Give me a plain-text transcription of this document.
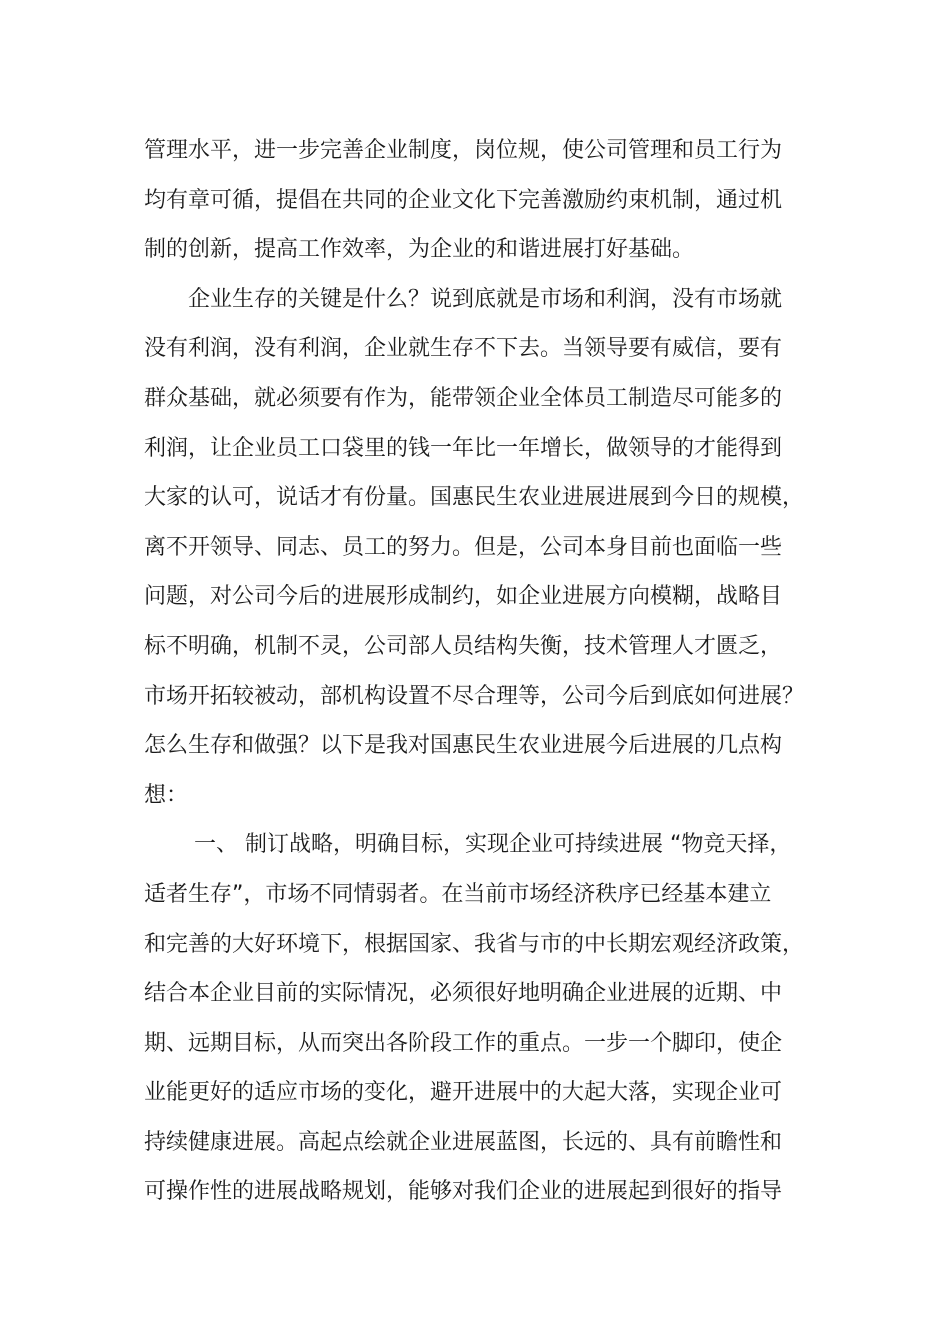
管理水平，进一步完善企业制度，岗位规，使公司管理和员工行为
均有章可循，提倡在共同的企业文化下完善激励约束机制，通过机
制的创新，提高工作效率，为企业的和谐进展打好基础。
企业生存的关键是什么？说到底就是市场和利润，没有市场就
没有利润，没有利润，企业就生存不下去。当领导要有威信，要有
群众基础，就必须要有作为，能带领企业全体员工制造尽可能多的
利润，让企业员工口袋里的钱一年比一年增长，做领导的才能得到
大家的认可，说话才有份量。国惠民生农业进展进展到今日的规模，
离不开领导、同志、员工的努力。但是，公司本身目前也面临一些
问题，对公司今后的进展形成制约，如企业进展方向模糊，战略目
标不明确，机制不灵，公司部人员结构失衡，技术管理人才匮乏，
市场开拓较被动，部机构设置不尽合理等，公司今后到底如何进展？
怎么生存和做强？以下是我对国惠民生农业进展今后进展的几点构
想：
一、 制订战略，明确目标，实现企业可持续进展 “物竞天择，
适者生存”，市场不同情弱者。在当前市场经济秩序已经基本建立
和完善的大好环境下，根据国家、我省与市的中长期宏观经济政策，
结合本企业目前的实际情况，必须很好地明确企业进展的近期、中
期、远期目标，从而突出各阶段工作的重点。一步一个脚印，使企
业能更好的适应市场的变化，避开进展中的大起大落，实现企业可
持续健康进展。高起点绘就企业进展蓝图，长远的、具有前瞻性和
可操作性的进展战略规划，能够对我们企业的进展起到很好的指导
